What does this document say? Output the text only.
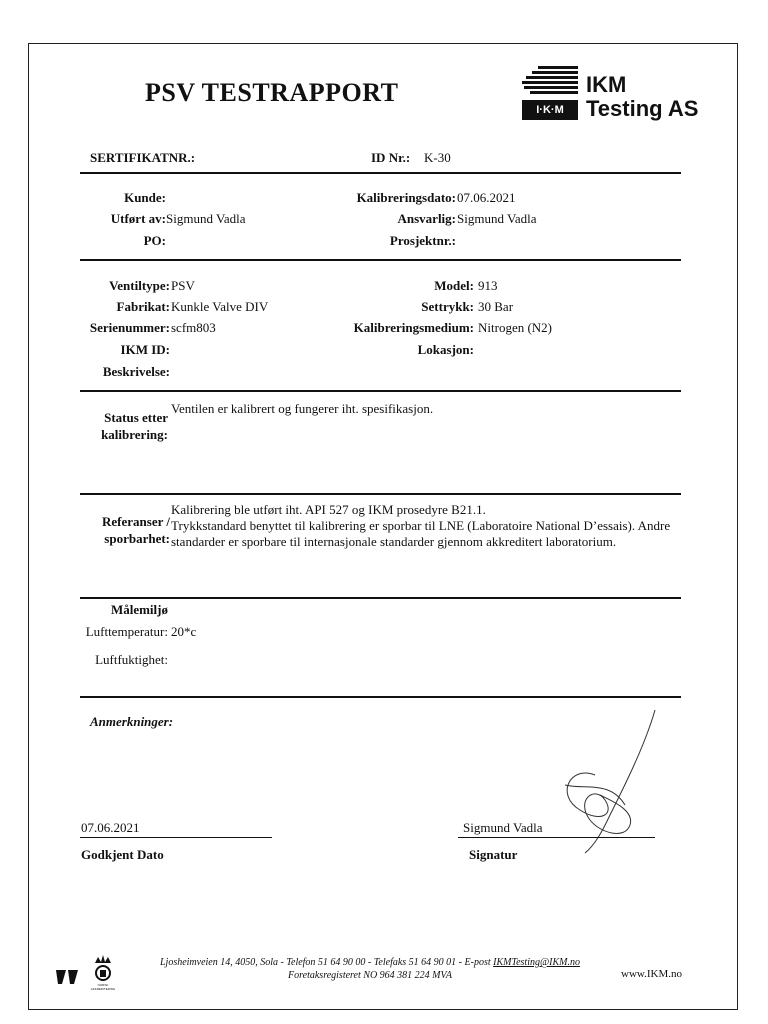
PSV TESTRAPPORT
I·K·M
IKM
Testing AS
SERTIFIKATNR.:	ID Nr.: K-30
Kunde:
Utført av: Sigmund Vadla
PO:
Kalibreringsdato: 07.06.2021
Ansvarlig: Sigmund Vadla
Prosjektnr.:
Ventiltype: PSV
Fabrikat: Kunkle Valve DIV
Serienummer: scfm803
IKM ID:
Beskrivelse:
Model: 913
Settrykk: 30 Bar
Kalibreringsmedium: Nitrogen (N2)
Lokasjon:
Status etter
kalibrering:
Ventilen er kalibrert og fungerer iht. spesifikasjon.
Referanser /
sporbarhet:
Kalibrering ble utført iht. API 527 og IKM prosedyre B21.1.
Trykkstandard benyttet til kalibrering er sporbar til LNE (Laboratoire National D’essais). Andre
standarder er sporbare til internasjonale standarder gjennom akkreditert laboratorium.
Målemiljø
Lufttemperatur: 20*c
Luftfuktighet:
Anmerkninger:
07.06.2021
Godkjent Dato
Sigmund Vadla
Signatur
NORSK AKKREDITERING
Ljosheimveien 14, 4050, Sola - Telefon 51 64 90 00 - Telefaks 51 64 90 01 - E-post IKMTesting@IKM.no
Foretaksregisteret NO 964 381 224 MVA	www.IKM.no
